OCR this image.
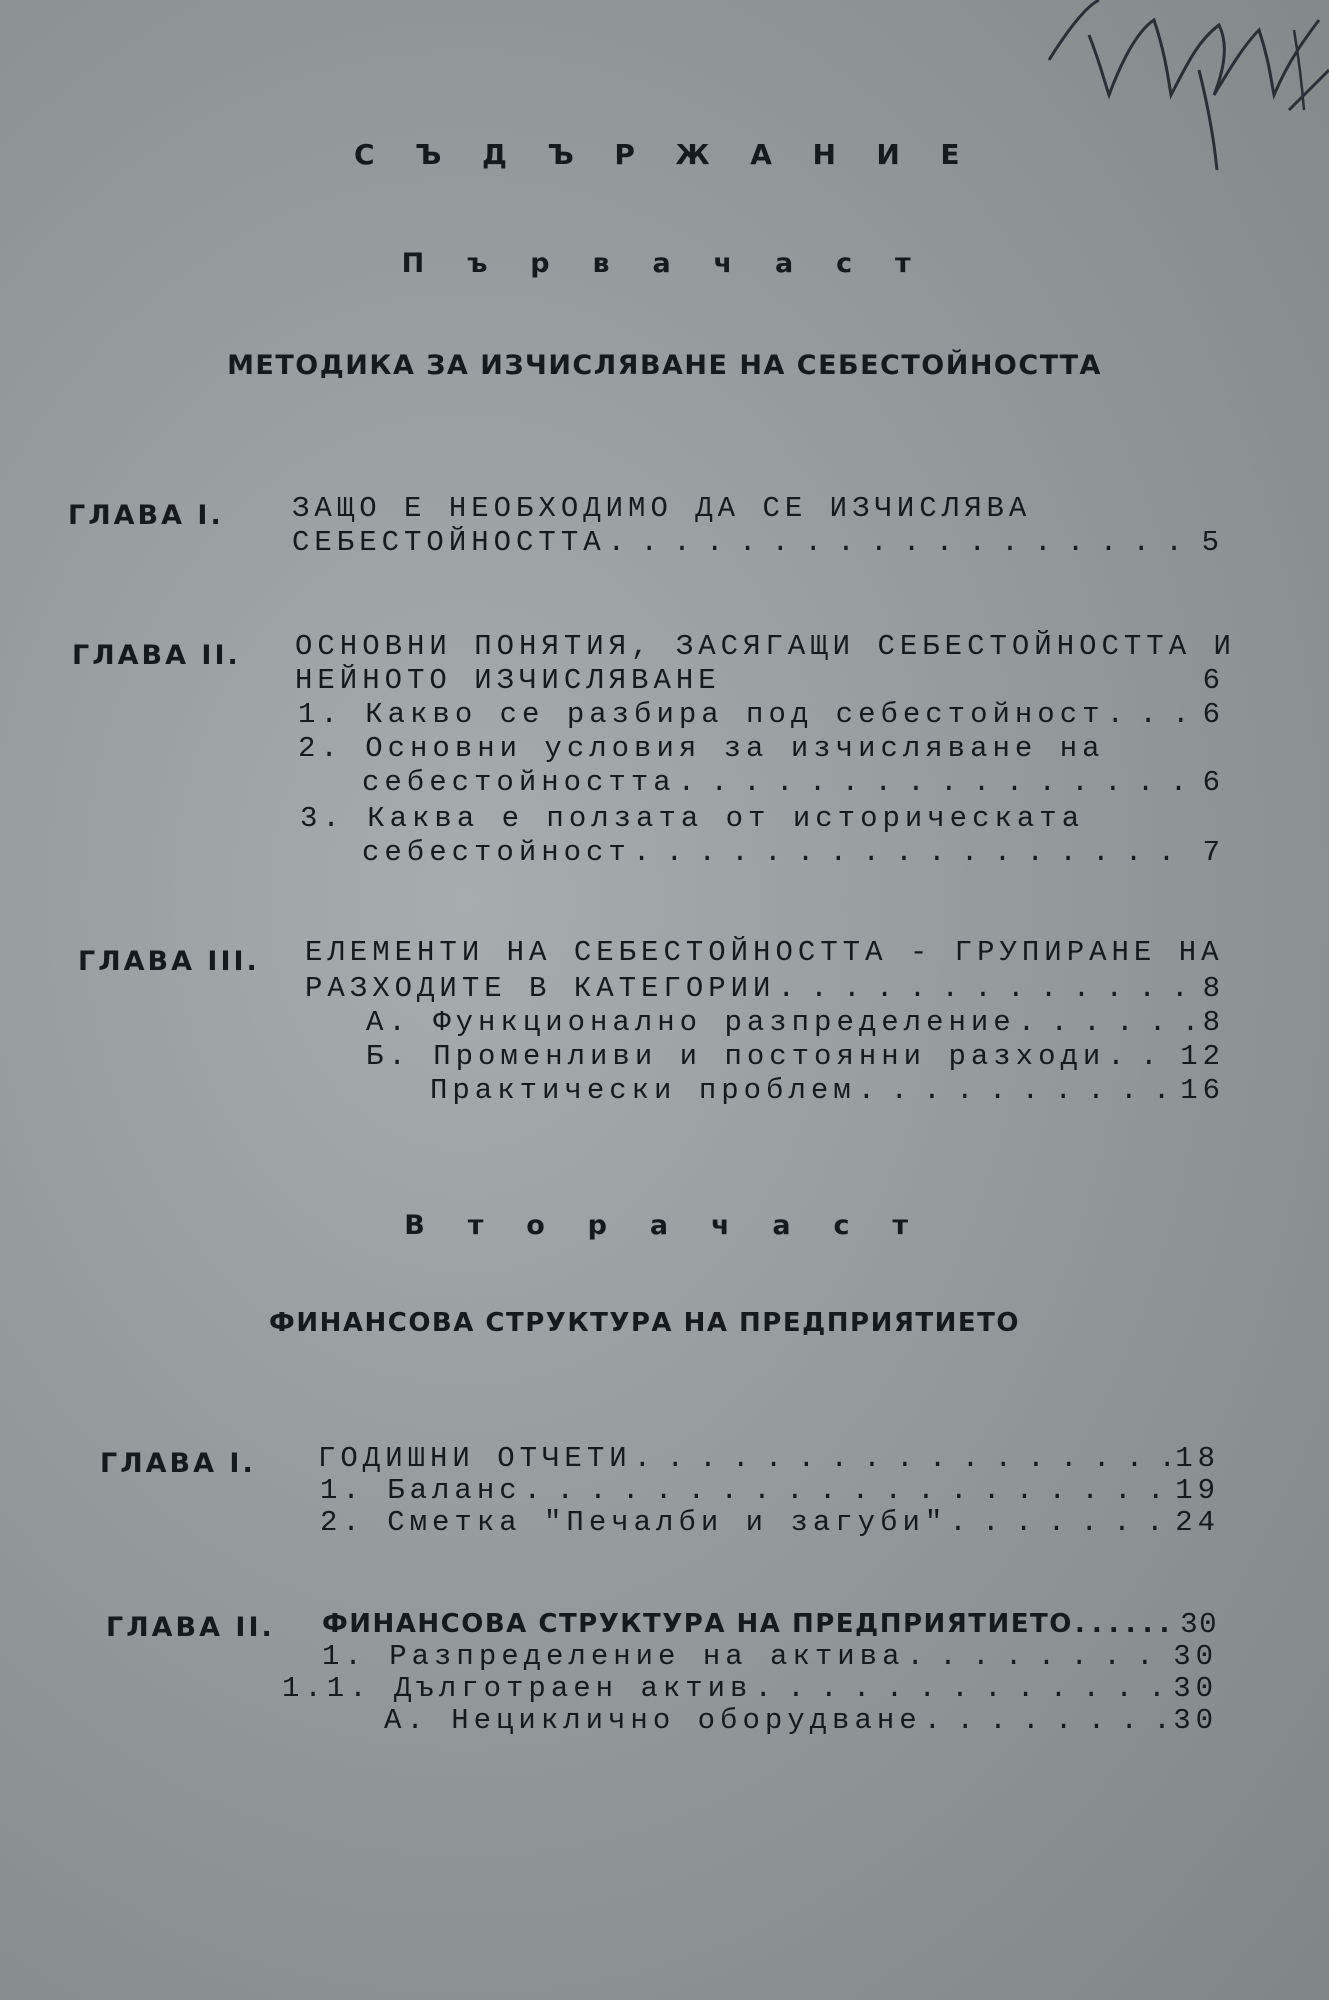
С Ъ Д Ъ Р Ж А Н И Е
П ъ р в а ч а с т
МЕТОДИКА ЗА ИЗЧИСЛЯВАНЕ НА СЕБЕСТОЙНОСТТА
ГЛАВА I. ЗАЩО Е НЕОБХОДИМО ДА СЕ ИЗЧИСЛЯВА
СЕБЕСТОЙНОСТТА . . .	5
ГЛАВА II. ОСНОВНИ ПОНЯТИЯ, ЗАСЯГАЩИ СЕБЕСТОЙНОСТТА И
НЕЙНОТО ИЗЧИСЛЯВАНЕ	6
1. Какво се разбира под себестойност . . .	6
2. Основни условия за изчисляване на
себестойността . . .	6
3. Каква е ползата от историческата
себестойност . . .	7
ГЛАВА III. ЕЛЕМЕНТИ НА СЕБЕСТОЙНОСТТА - ГРУПИРАНЕ НА
РАЗХОДИТЕ В КАТЕГОРИИ . . .	8
А. Функционално разпределение . . .	8
Б. Променливи и постоянни разходи . . .	12
Практически проблем . . .	16
В т о р а ч а с т
ФИНАНСОВА СТРУКТУРА НА ПРЕДПРИЯТИЕТО
ГЛАВА I. ГОДИШНИ ОТЧЕТИ . . .	18
1. Баланс . . .	19
2. Сметка "Печалби и загуби" . . .	24
ГЛАВА II. ФИНАНСОВА СТРУКТУРА НА ПРЕДПРИЯТИЕТО . . .	30
1. Разпределение на актива . . .	30
1.1. Дълготраен актив . . .	30
А. Нециклично оборудване . . .	30
